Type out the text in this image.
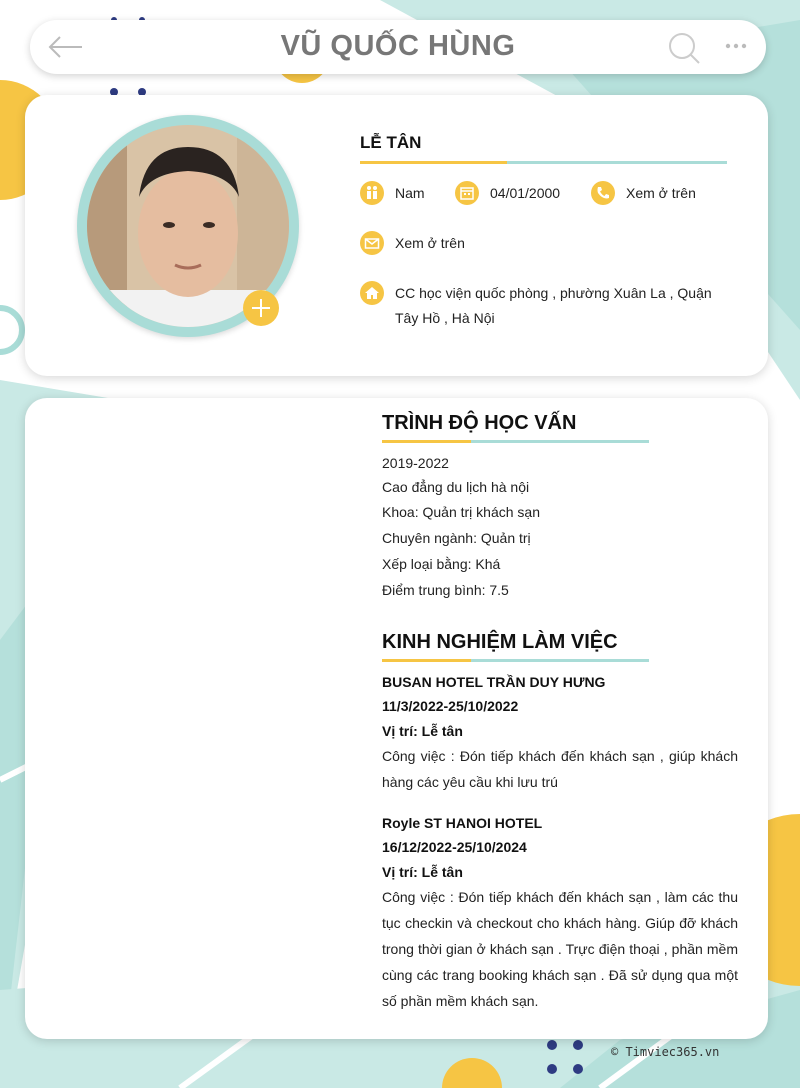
VŨ QUỐC HÙNG
LỄ TÂN
Nam	04/01/2000	Xem ở trên
Xem ở trên
CC học viện quốc phòng , phường Xuân La , Quận Tây Hồ , Hà Nội
TRÌNH ĐỘ HỌC VẤN
2019-2022
Cao đẳng du lịch hà nội
Khoa: Quản trị khách sạn
Chuyên ngành: Quản trị
Xếp loại bằng: Khá
Điểm trung bình: 7.5
KINH NGHIỆM LÀM VIỆC
BUSAN HOTEL TRẦN DUY HƯNG
11/3/2022-25/10/2022
Vị trí: Lễ tân
Công việc : Đón tiếp khách đến khách sạn , giúp khách hàng các yêu cầu khi lưu trú
Royle ST HANOI HOTEL
16/12/2022-25/10/2024
Vị trí: Lễ tân
Công việc : Đón tiếp khách đến khách sạn , làm các thu tục checkin và checkout cho khách hàng. Giúp đỡ khách trong thời gian ở khách sạn . Trực điện thoại , phần mềm cùng các trang booking khách sạn . Đã sử dụng qua một số phần mềm khách sạn.
© Timviec365.vn
